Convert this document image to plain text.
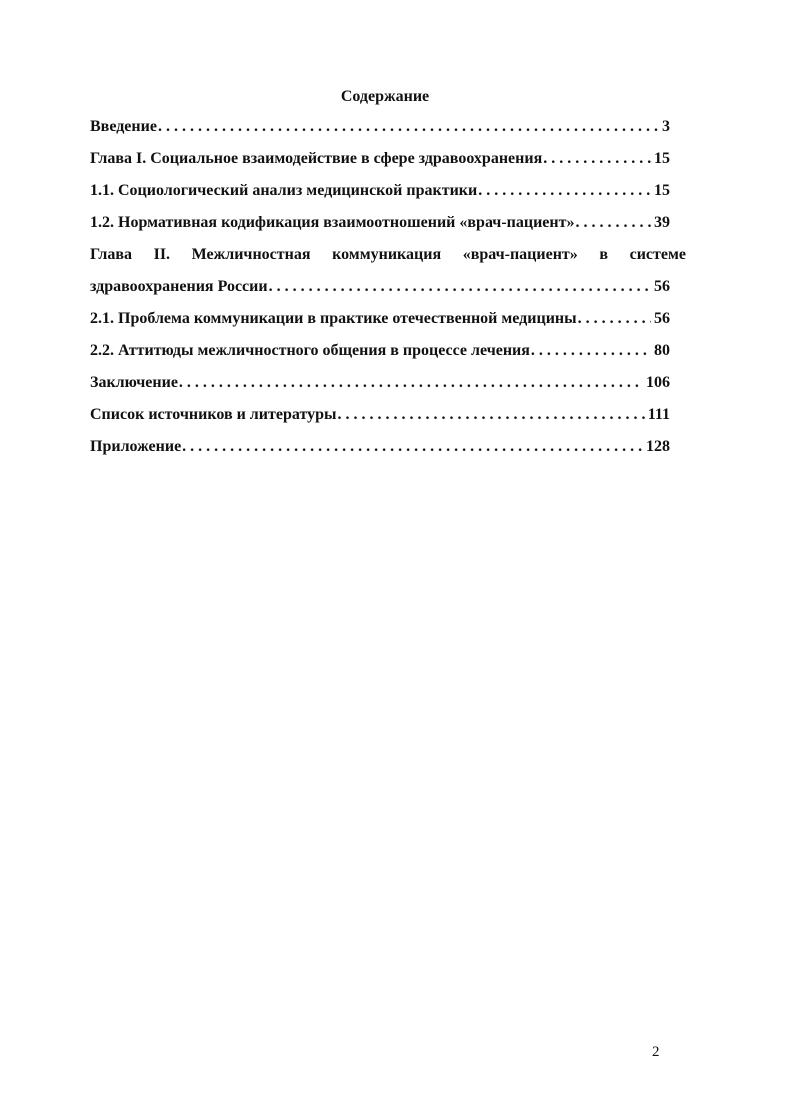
Содержание
Введение . . .	3
Глава I. Социальное взаимодействие в сфере здравоохранения . . .	15
1.1. Социологический анализ медицинской практики . . .	15
1.2. Нормативная кодификация взаимоотношений «врач-пациент» . . .	39
Глава II. Межличностная коммуникация «врач-пациент» в системе
здравоохранения России . . .	56
2.1. Проблема коммуникации в практике отечественной медицины . . .	56
2.2. Аттитюды межличностного общения в процессе лечения . . .	80
Заключение . . .	106
Список источников и литературы . . .	111
Приложение . . .	128
2
